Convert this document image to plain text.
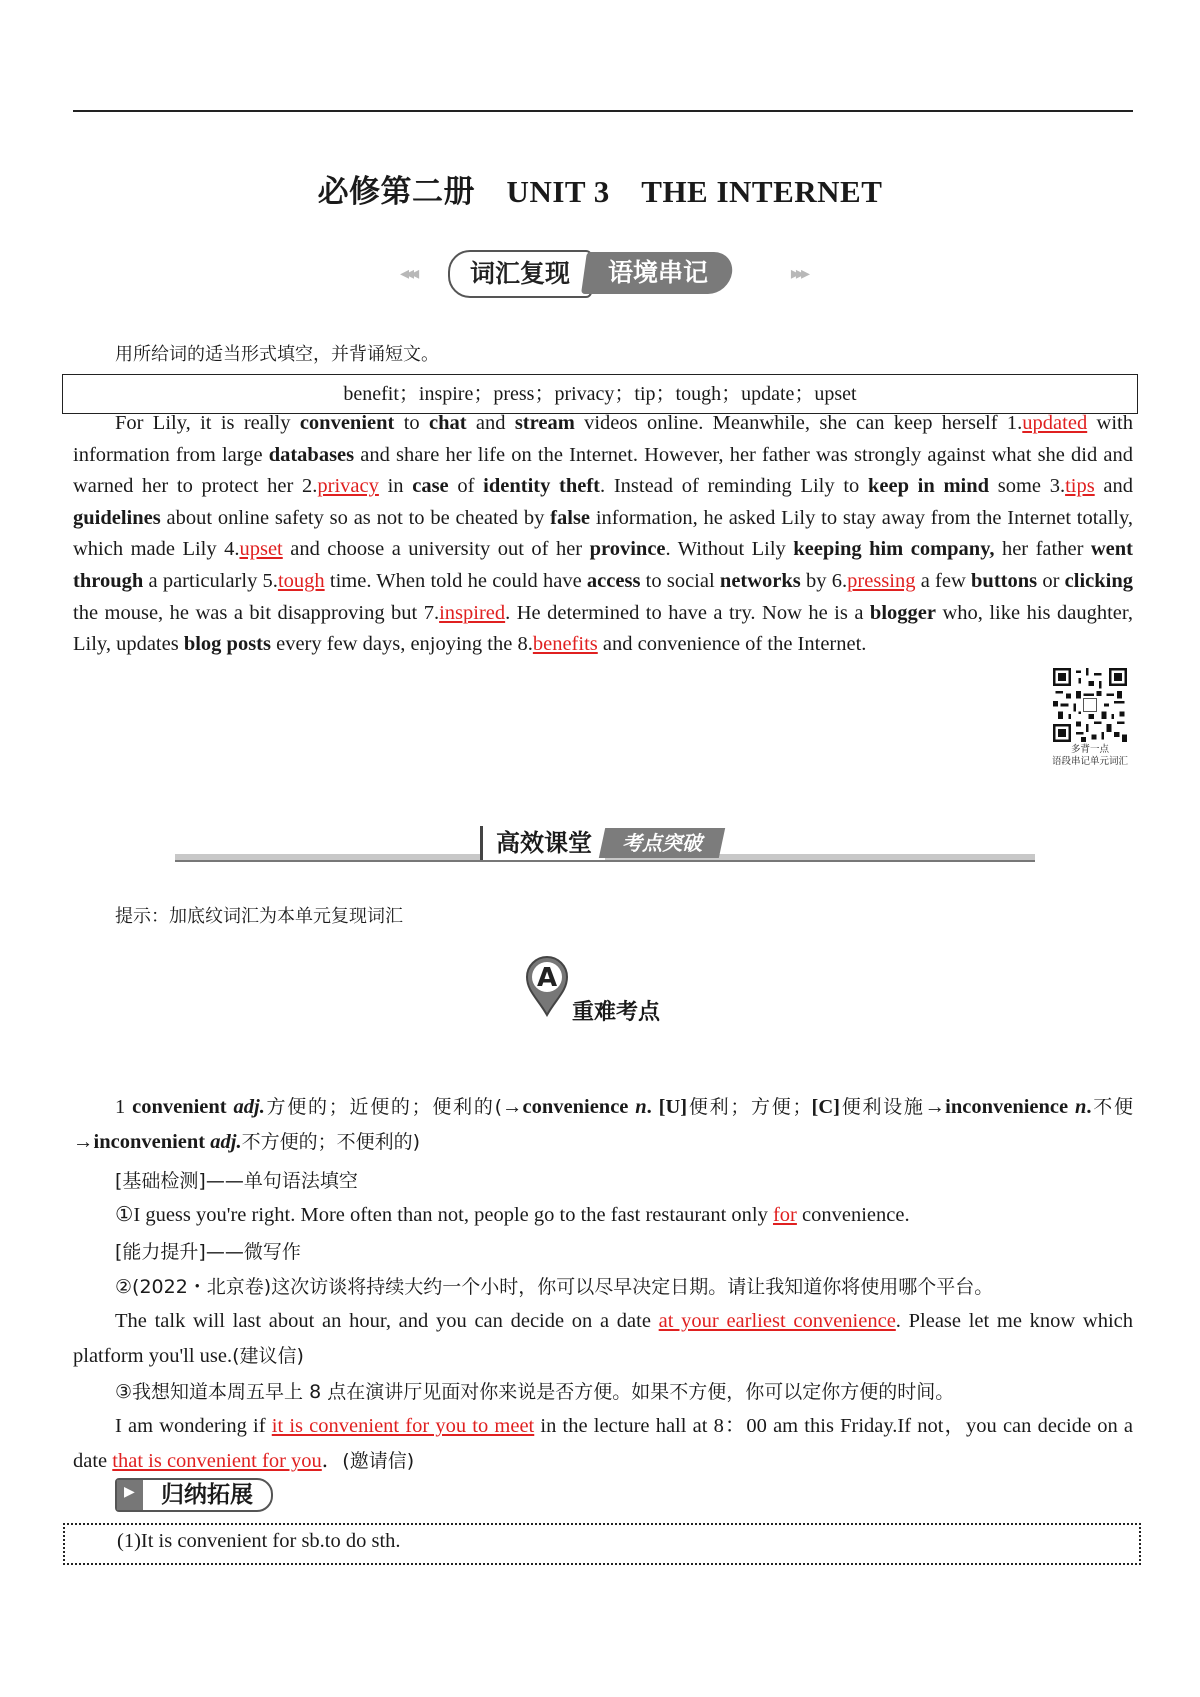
必修第二册　UNIT 3　THE INTERNET
◂◂◂	词汇复现	语境串记	▸▸▸
用所给词的适当形式填空，并背诵短文。
benefit；inspire；press；privacy；tip；tough；update；upset
For Lily, it is really convenient to chat and stream videos online. Meanwhile, she can keep herself 1.updated with information from large databases and share her life on the Internet. However, her father was strongly against what she did and warned her to protect her 2.privacy in case of identity theft. Instead of reminding Lily to keep in mind some 3.tips and guidelines about online safety so as not to be cheated by false information, he asked Lily to stay away from the Internet totally, which made Lily 4.upset and choose a university out of her province. Without Lily keeping him company, her father went through a particularly 5.tough time. When told he could have access to social networks by 6.pressing a few buttons or clicking the mouse, he was a bit disapproving but 7.inspired. He determined to have a try. Now he is a blogger who, like his daughter, Lily, updates blog posts every few days, enjoying the 8.benefits and convenience of the Internet.
多背一点
语段串记单元词汇
高效课堂	考点突破
提示：加底纹词汇为本单元复现词汇
A
重难考点
1 convenient adj.方便的；近便的；便利的(→convenience n. [U]便利；方便；[C]便利设施→inconvenience n.不便→inconvenient adj.不方便的；不便利的)
[基础检测]——单句语法填空
①I guess you're right. More often than not, people go to the fast restaurant only for convenience.
[能力提升]——微写作
②(2022・北京卷)这次访谈将持续大约一个小时，你可以尽早决定日期。请让我知道你将使用哪个平台。
The talk will last about an hour, and you can decide on a date at your earliest convenience. Please let me know which platform you'll use.(建议信)
③我想知道本周五早上 8 点在演讲厅见面对你来说是否方便。如果不方便，你可以定你方便的时间。
I am wondering if it is convenient for you to meet in the lecture hall at 8：00 am this Friday.If not，you can decide on a date that is convenient for you．(邀请信)
▶	归纳拓展
(1)It is convenient for sb.to do sth.
